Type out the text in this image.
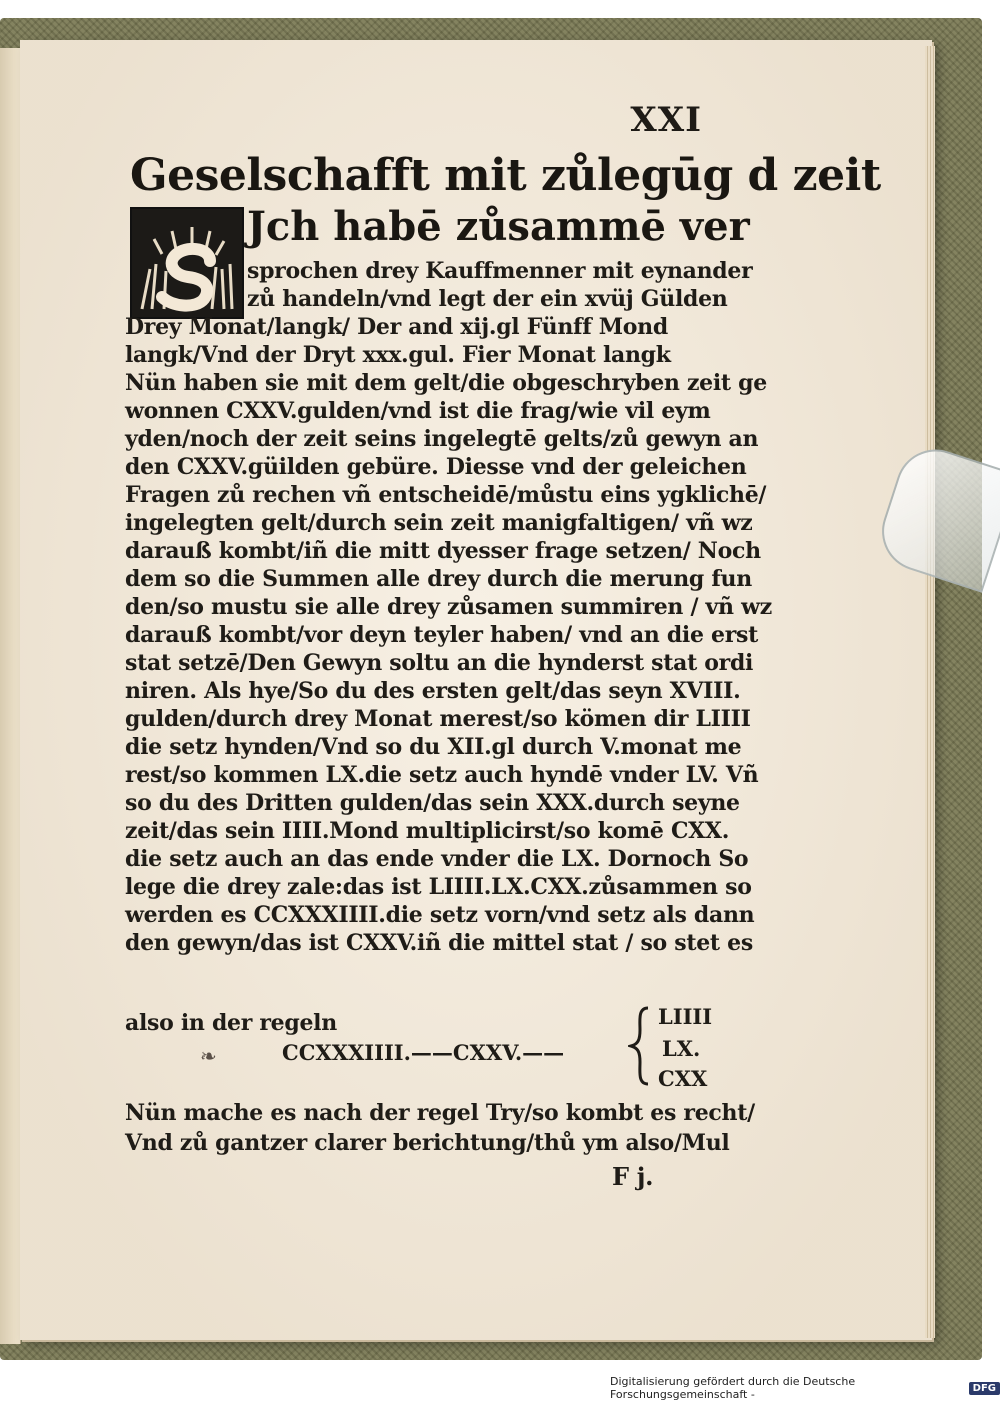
XXI
Geselschafft mit zůlegūg d zeit
Jch habē zůsammē ver
sprochen drey Kauffmenner mit eynander
zů handeln/vnd legt der ein xvüj Gülden
Drey Monat/langk/ Der and xij.gl Fünff Mond
langk/Vnd der Dryt xxx.gul. Fier Monat langk
Nün haben sie mit dem gelt/die obgeschryben zeit ge
wonnen CXXV.gulden/vnd ist die frag/wie vil eym
yden/noch der zeit seins ingelegtē gelts/zů gewyn an
den CXXV.güilden gebüre. Diesse vnd der geleichen
Fragen zů rechen vñ entscheidē/můstu eins ygklichē/
ingelegten gelt/durch sein zeit manigfaltigen/ vñ wz
darauß kombt/iñ die mitt dyesser frage setzen/ Noch
dem so die Summen alle drey durch die merung fun
den/so mustu sie alle drey zůsamen summiren / vñ wz
darauß kombt/vor deyn teyler haben/ vnd an die erst
stat setzē/Den Gewyn soltu an die hynderst stat ordi
niren. Als hye/So du des ersten gelt/das seyn XVIII.
gulden/durch drey Monat merest/so kömen dir LIIII
die setz hynden/Vnd so du XII.gl durch V.monat me
rest/so kommen LX.die setz auch hyndē vnder LV. Vñ
so du des Dritten gulden/das sein XXX.durch seyne
zeit/das sein IIII.Mond multiplicirst/so komē CXX.
die setz auch an das ende vnder die LX. Dornoch So
lege die drey zale:das ist LIIII.LX.CXX.zůsammen so
werden es CCXXXIIII.die setz vorn/vnd setz als dann
den gewyn/das ist CXXV.iñ die mittel stat / so stet es
also in der regeln
❧	CCXXXIIII.——CXXV.——
LIIII
LX.
CXX
Nün mache es nach der regel Try/so kombt es recht/
Vnd zů gantzer clarer berichtung/thů ym also/Mul
F j.
Digitalisierung gefördert durch die Deutsche Forschungsgemeinschaft -	DFG
